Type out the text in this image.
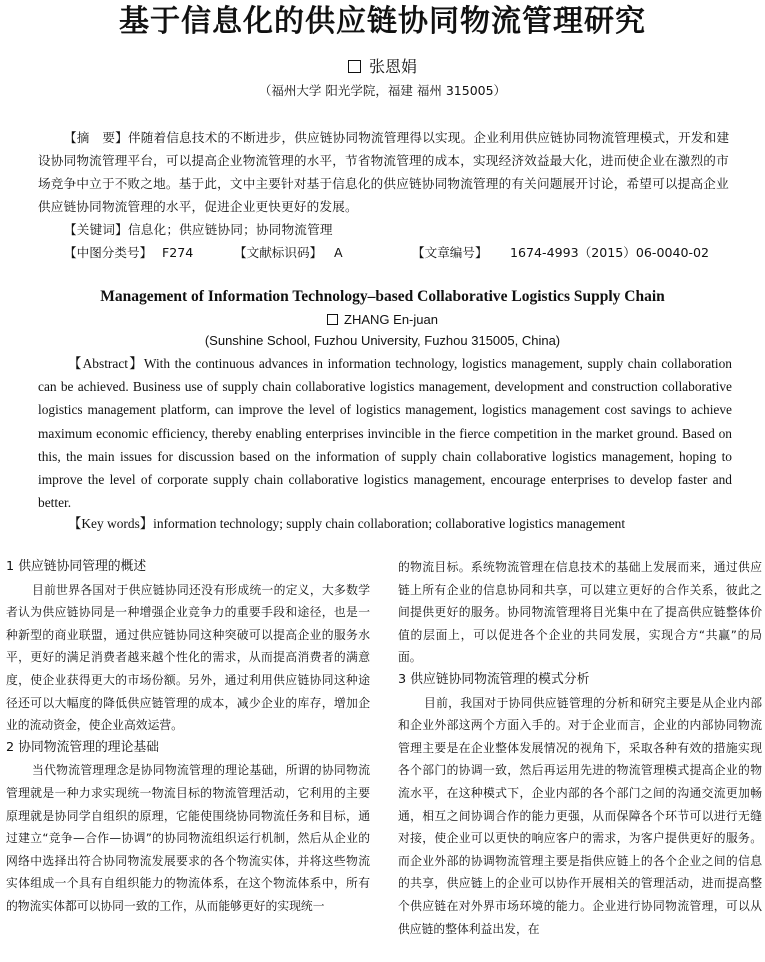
基于信息化的供应链协同物流管理研究
张恩娟
（福州大学 阳光学院，福建 福州 315005）

【摘　要】伴随着信息技术的不断进步，供应链协同物流管理得以实现。企业利用供应链协同物流管理模式，开发和建设协同物流管理平台，可以提高企业物流管理的水平，节省物流管理的成本，实现经济效益最大化，进而使企业在激烈的市场竞争中立于不败之地。基于此，文中主要针对基于信息化的供应链协同物流管理的有关问题展开讨论，希望可以提高企业供应链协同物流管理的水平，促进企业更快更好的发展。

【关键词】信息化；供应链协同；协同物流管理

【中图分类号】 F274	【文献标识码】 A	【文章编号】 1674-4993（2015）06-0040-02
Management of Information Technology–based Collaborative Logistics Supply Chain
ZHANG En-juan
(Sunshine School, Fuzhou University, Fuzhou 315005, China)

【Abstract】With the continuous advances in information technology, logistics management, supply chain collaboration can be achieved. Business use of supply chain collaborative logistics management, development and construction collaborative logistics management platform, can improve the level of logistics management, logistics management cost savings to achieve maximum economic efficiency, thereby enabling enterprises invincible in the fierce competition in the market ground. Based on this, the main issues for discussion based on the information of supply chain collaborative logistics management, hoping to improve the level of corporate supply chain collaborative logistics management, encourage enterprises to develop faster and better.

【Key words】information technology; supply chain collaboration; collaborative logistics management

1 供应链协同管理的概述

目前世界各国对于供应链协同还没有形成统一的定义，大多数学者认为供应链协同是一种增强企业竞争力的重要手段和途径，也是一种新型的商业联盟，通过供应链协同这种突破可以提高企业的服务水平，更好的满足消费者越来越个性化的需求，从而提高消费者的满意度，使企业获得更大的市场份额。另外，通过利用供应链协同这种途径还可以大幅度的降低供应链管理的成本，减少企业的库存，增加企业的流动资金，使企业高效运营。

2 协同物流管理的理论基础

当代物流管理理念是协同物流管理的理论基础，所谓的协同物流管理就是一种力求实现统一物流目标的物流管理活动，它利用的主要原理就是协同学自组织的原理，它能使围绕协同物流任务和目标，通过建立“竞争—合作—协调”的协同物流组织运行机制，然后从企业的网络中选择出符合协同物流发展要求的各个物流实体，并将这些物流实体组成一个具有自组织能力的物流体系，在这个物流体系中，所有的物流实体都可以协同一致的工作，从而能够更好的实现统一

的物流目标。系统物流管理在信息技术的基础上发展而来，通过供应链上所有企业的信息协同和共享，可以建立更好的合作关系，彼此之间提供更好的服务。协同物流管理将目光集中在了提高供应链整体价值的层面上，可以促进各个企业的共同发展，实现合方“共赢”的局面。

3 供应链协同物流管理的模式分析

目前，我国对于协同供应链管理的分析和研究主要是从企业内部和企业外部这两个方面入手的。对于企业而言，企业的内部协同物流管理主要是在企业整体发展情况的视角下，采取各种有效的措施实现各个部门的协调一致，然后再运用先进的物流管理模式提高企业的物流水平，在这种模式下，企业内部的各个部门之间的沟通交流更加畅通，相互之间协调合作的能力更强，从而保障各个环节可以进行无缝对接，使企业可以更快的响应客户的需求，为客户提供更好的服务。而企业外部的协调物流管理主要是指供应链上的各个企业之间的信息的共享，供应链上的企业可以协作开展相关的管理活动，进而提高整个供应链在对外界市场环境的能力。企业进行协同物流管理，可以从供应链的整体利益出发，在
